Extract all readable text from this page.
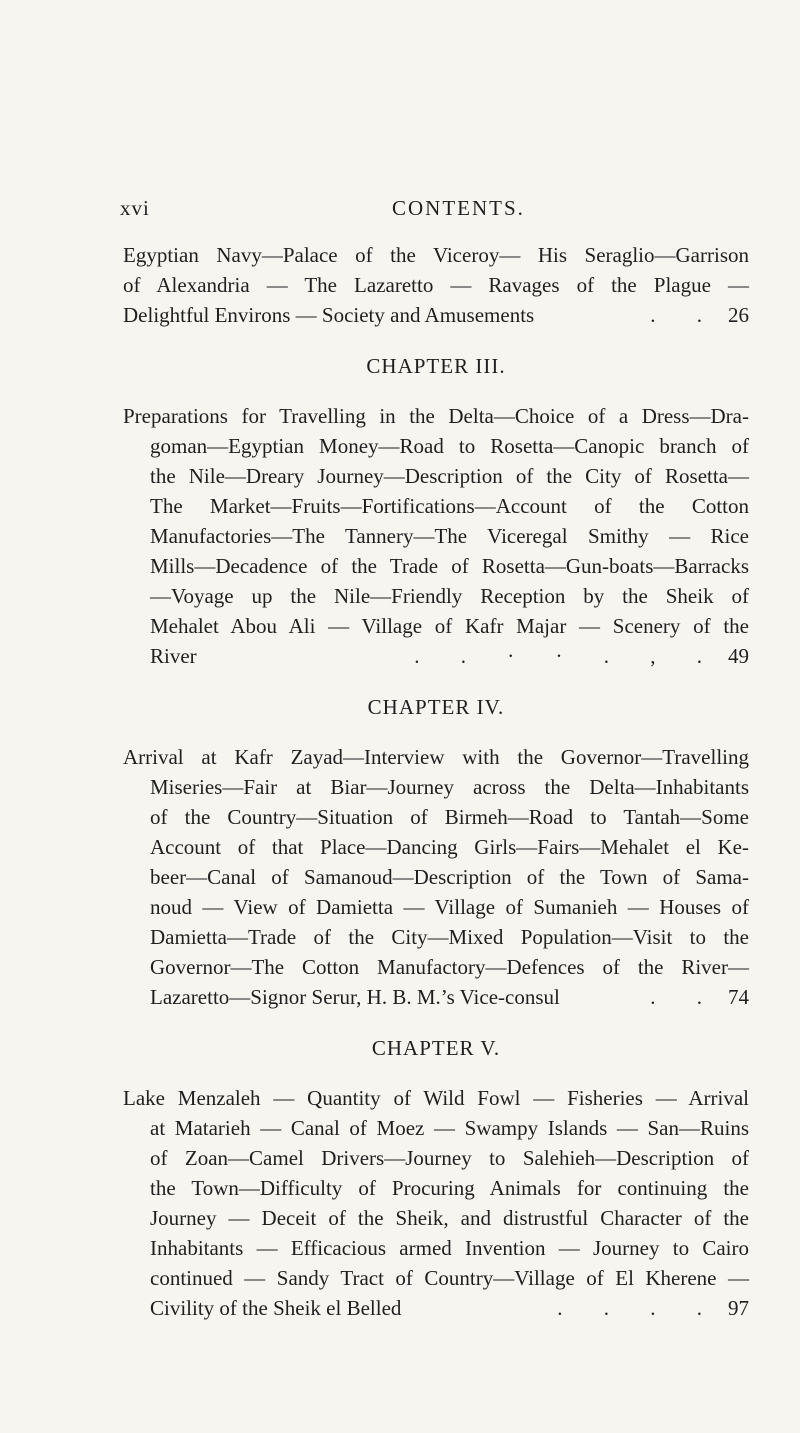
xvi	CONTENTS.
Egyptian Navy—Palace of the Viceroy— His Seraglio—Garrison
of Alexandria — The Lazaretto — Ravages of the Plague —
Delightful Environs — Society and Amusements	. . 26
CHAPTER III.
Preparations for Travelling in the Delta—Choice of a Dress—Dra-
goman—Egyptian Money—Road to Rosetta—Canopic branch of
the Nile—Dreary Journey—Description of the City of Rosetta—
The Market—Fruits—Fortifications—Account of the Cotton
Manufactories—The Tannery—The Viceregal Smithy — Rice
Mills—Decadence of the Trade of Rosetta—Gun-boats—Barracks
—Voyage up the Nile—Friendly Reception by the Sheik of
Mehalet Abou Ali — Village of Kafr Majar — Scenery of the
River	. . · · . , . 49
CHAPTER IV.
Arrival at Kafr Zayad—Interview with the Governor—Travelling
Miseries—Fair at Biar—Journey across the Delta—Inhabitants
of the Country—Situation of Birmeh—Road to Tantah—Some
Account of that Place—Dancing Girls—Fairs—Mehalet el Ke-
beer—Canal of Samanoud—Description of the Town of Sama-
noud — View of Damietta — Village of Sumanieh — Houses of
Damietta—Trade of the City—Mixed Population—Visit to the
Governor—The Cotton Manufactory—Defences of the River—
Lazaretto—Signor Serur, H. B. M.’s Vice-consul	. . 74
CHAPTER V.
Lake Menzaleh — Quantity of Wild Fowl — Fisheries — Arrival
at Matarieh — Canal of Moez — Swampy Islands — San—Ruins
of Zoan—Camel Drivers—Journey to Salehieh—Description of
the Town—Difficulty of Procuring Animals for continuing the
Journey — Deceit of the Sheik, and distrustful Character of the
Inhabitants — Efficacious armed Invention — Journey to Cairo
continued — Sandy Tract of Country—Village of El Kherene —
Civility of the Sheik el Belled	. . . . 97
